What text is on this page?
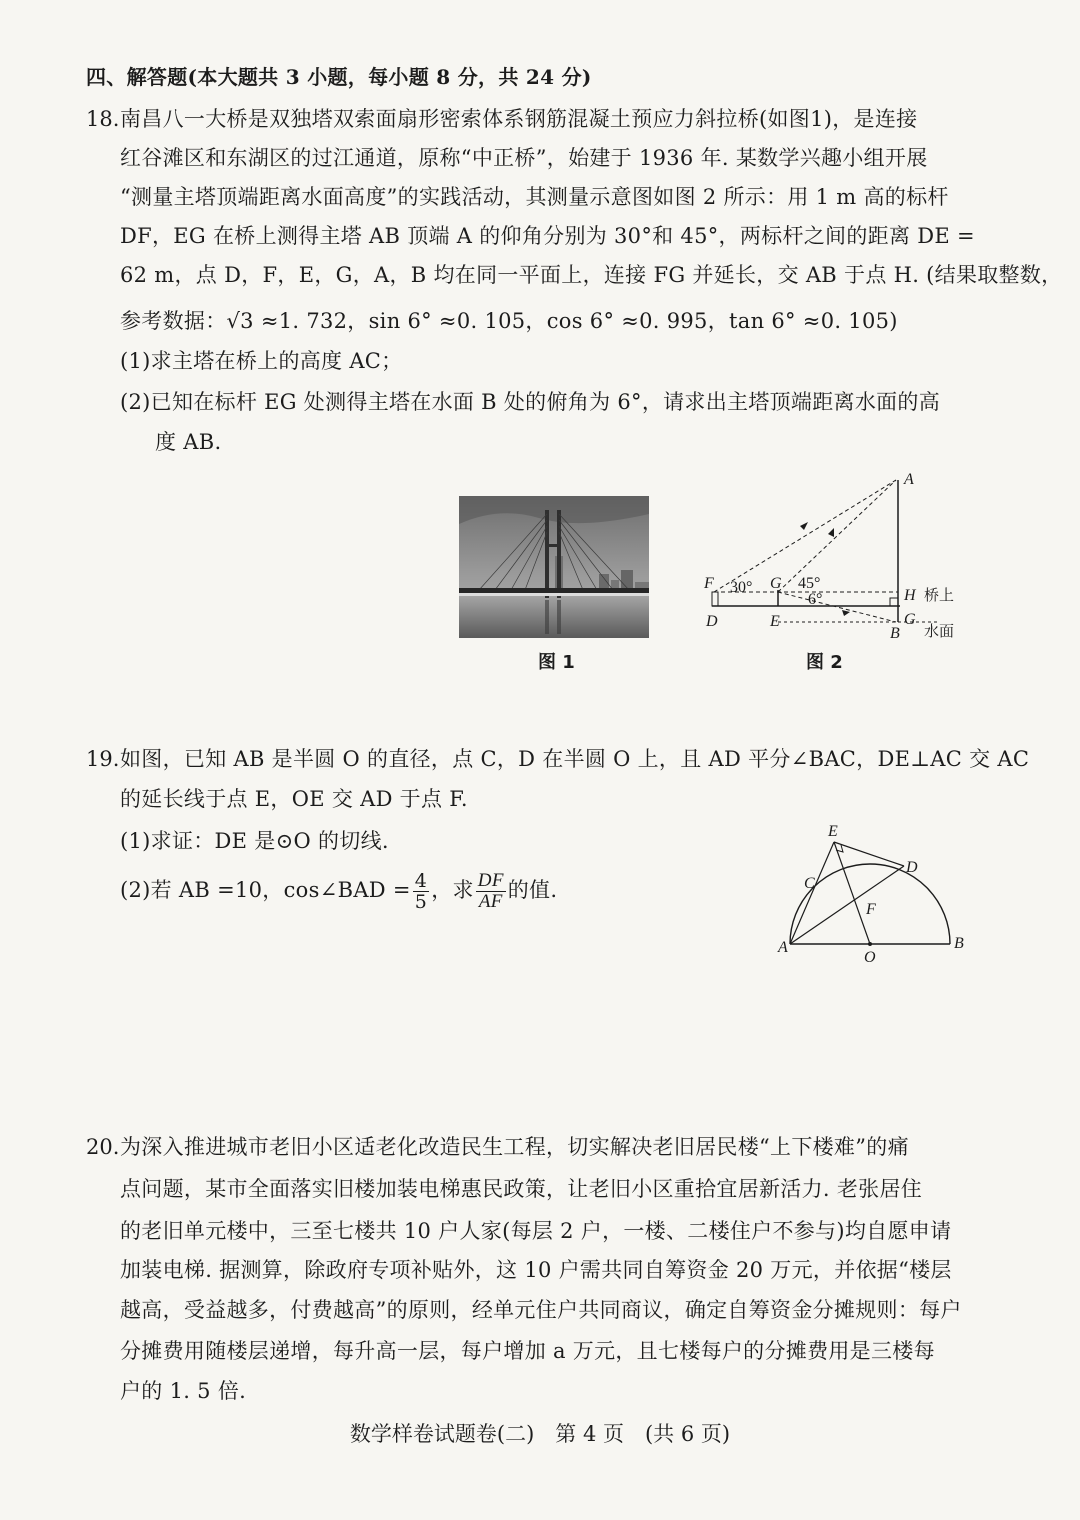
四、解答题(本大题共 3 小题，每小题 8 分，共 24 分)
18. 南昌八一大桥是双独塔双索面扇形密索体系钢筋混凝土预应力斜拉桥(如图1)，是连接
红谷滩区和东湖区的过江通道，原称“中正桥”，始建于 1936 年. 某数学兴趣小组开展
“测量主塔顶端距离水面高度”的实践活动，其测量示意图如图 2 所示：用 1 m 高的标杆
DF，EG 在桥上测得主塔 AB 顶端 A 的仰角分别为 30°和 45°，两标杆之间的距离 DE =
62 m，点 D，F，E，G，A，B 均在同一平面上，连接 FG 并延长，交 AB 于点 H. (结果取整数，
参考数据：√3 ≈1. 732，sin 6° ≈0. 105，cos 6° ≈0. 995，tan 6° ≈0. 105)
(1)求主塔在桥上的高度 AC；
(2)已知在标杆 EG 处测得主塔在水面 B 处的俯角为 6°，请求出主塔顶端距离水面的高
度 AB.
图 1
A
F 30° G 45°
6°	H 桥上
D	E
B
G
水面
图 2
19. 如图，已知 AB 是半圆 O 的直径，点 C，D 在半圆 O 上，且 AD 平分∠BAC，DE⊥AC 交 AC
的延长线于点 E，OE 交 AD 于点 F.
(1)求证：DE 是⊙O 的切线.
(2)若 AB =10，cos∠BAD = $\frac{4}{5}$ ，求 $\frac{DF}{AF}$ 的值.
E
C
D
F
A	B
O
20. 为深入推进城市老旧小区适老化改造民生工程，切实解决老旧居民楼“上下楼难”的痛
点问题，某市全面落实旧楼加装电梯惠民政策，让老旧小区重拾宜居新活力. 老张居住
的老旧单元楼中，三至七楼共 10 户人家(每层 2 户，一楼、二楼住户不参与)均自愿申请
加装电梯. 据测算，除政府专项补贴外，这 10 户需共同自筹资金 20 万元，并依据“楼层
越高，受益越多，付费越高”的原则，经单元住户共同商议，确定自筹资金分摊规则：每户
分摊费用随楼层递增，每升高一层，每户增加 a 万元，且七楼每户的分摊费用是三楼每
户的 1. 5 倍.
数学样卷试题卷(二)　第 4 页　(共 6 页)
